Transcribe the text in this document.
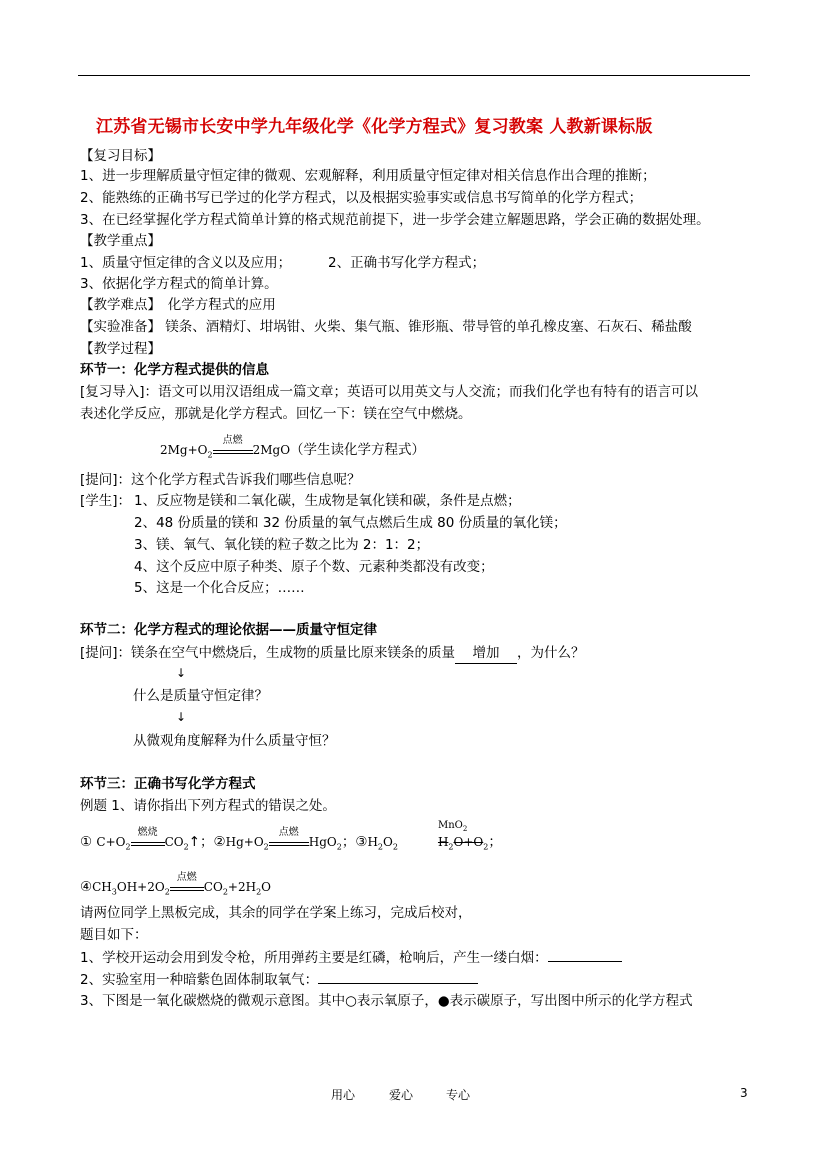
江苏省无锡市长安中学九年级化学《化学方程式》复习教案 人教新课标版
【复习目标】
1、进一步理解质量守恒定律的微观、宏观解释，利用质量守恒定律对相关信息作出合理的推断；
2、能熟练的正确书写已学过的化学方程式，以及根据实验事实或信息书写简单的化学方程式；
3、在已经掌握化学方程式简单计算的格式规范前提下，进一步学会建立解题思路，学会正确的数据处理。
【教学重点】
1、质量守恒定律的含义以及应用；	2、正确书写化学方程式；
3、依据化学方程式的简单计算。
【教学难点】　化学方程式的应用
【实验准备】 镁条、酒精灯、坩埚钳、火柴、集气瓶、锥形瓶、带导管的单孔橡皮塞、石灰石、稀盐酸
【教学过程】
环节一：化学方程式提供的信息
[复习导入]：语文可以用汉语组成一篇文章；英语可以用英文与人交流；而我们化学也有特有的语言可以
表述化学反应，那就是化学方程式。回忆一下：镁在空气中燃烧。
$2Mg+O_2$
点燃
2MgO（学生读化学方程式）
[提问]：这个化学方程式告诉我们哪些信息呢？
[学生]： 1、反应物是镁和二氧化碳，生成物是氧化镁和碳，条件是点燃；
2、48 份质量的镁和 32 份质量的氧气点燃后生成 80 份质量的氧化镁；
3、镁、氧气、氧化镁的粒子数之比为 2：1：2；
4、这个反应中原子种类、原子个数、元素种类都没有改变；
5、这是一个化合反应；……
环节二：化学方程式的理论依据——质量守恒定律
[提问]：镁条在空气中燃烧后，生成物的质量比原来镁条的质量 增加 ，为什么？
↓
什么是质量守恒定律？
↓
从微观角度解释为什么质量守恒？
环节三：正确书写化学方程式
例题 1、请你指出下列方程式的错误之处。
① $C+O_2$
燃烧
$CO_2↑$；$②Hg+O_2$
点燃
HgO$_2$；$③H_2O_2$
MnO$_2$
$H_2O+O_2$；
$④CH_3OH+2O_2$
点燃
$CO_2+2H_2O$
请两位同学上黑板完成，其余的同学在学案上练习，完成后校对，
题目如下：
1、学校开运动会用到发令枪，所用弹药主要是红磷，枪响后，产生一缕白烟：
2、实验室用一种暗紫色固体制取氧气：
3、下图是一氧化碳燃烧的微观示意图。其中○表示氧原子，●表示碳原子，写出图中所示的化学方程式
用心	爱心	专心	3
